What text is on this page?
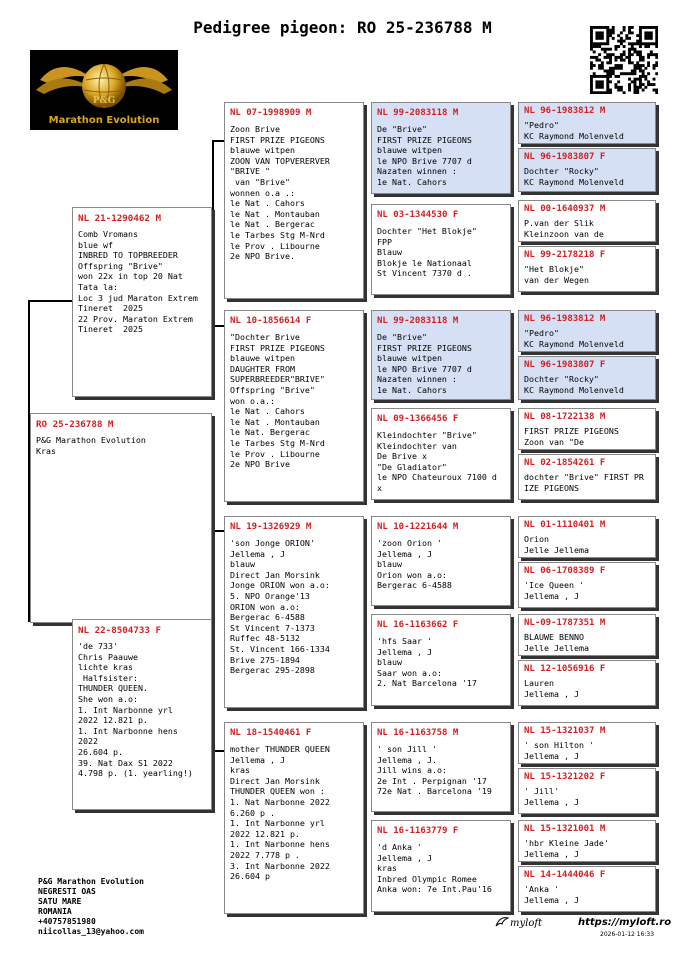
Pedigree pigeon: RO 25-236788 M
P&G
Marathon Evolution
RO 25-236788 M
P&G Marathon Evolution
Kras
NL 21-1290462 M
Comb Vromans
blue wf
INBRED TO TOPBREEDER
Offspring "Brive"
won 22x in top 20 Nat
Tata la:
Loc 3 jud Maraton Extrem
Tineret  2025
22 Prov. Maraton Extrem
Tineret  2025
NL 22-8504733 F
'de 733'
Chris Paauwe
lichte kras
Halfsister:
THUNDER QUEEN.
She won a.o:
1. Int Narbonne yrl
2022 12.821 p.
1. Int Narbonne hens
2022
26.604 p.
39. Nat Dax S1 2022
4.798 p. (1. yearling!)
NL 07-1998909 M
Zoon Brive
FIRST PRIZE PIGEONS
blauwe witpen
ZOON VAN TOPVERERVER
"BRIVE "
van "Brive"
wonnen o.a .:
le Nat . Cahors
le Nat . Montauban
le Nat . Bergerac
le Tarbes Stg M-Nrd
le Prov . Libourne
2e NPO Brive.
NL 10-1856614 F
"Dochter Brive
FIRST PRIZE PIGEONS
blauwe witpen
DAUGHTER FROM
SUPERBREEDER"BRIVE"
Offspring "Brive"
won o.a.:
le Nat . Cahors
le Nat . Montauban
le Nat. Bergerac
le Tarbes Stg M-Nrd
le Prov . Libourne
2e NPO Brive
NL 19-1326929 M
'son Jonge ORION'
Jellema , J
blauw
Direct Jan Morsink
Jonge ORION won a.o:
5. NPO Orange'13
ORION won a.o:
Bergerac 6-4588
St Vincent 7-1373
Ruffec 48-5132
St. Vincent 166-1334
Brive 275-1894
Bergerac 295-2898
NL 18-1540461 F
mother THUNDER QUEEN
Jellema , J
kras
Direct Jan Morsink
THUNDER QUEEN won :
1. Nat Narbonne 2022
6.260 p .
1. Int Narbonne yrl
2022 12.821 p.
1. Int Narbonne hens
2022 7.778 p .
3. Int Narbonne 2022
26.604 p
NL 99-2083118 M
De "Brive"
FIRST PRIZE PIGEONS
blauwe witpen
le NPO Brive 7707 d
Nazaten winnen :
1e Nat. Cahors
NL 03-1344530 F
Dochter "Het Blokje"
FPP
Blauw
Blokje le Nationaal
St Vincent 7370 d .
NL 99-2083118 M
De "Brive"
FIRST PRIZE PIGEONS
blauwe witpen
le NPO Brive 7707 d
Nazaten winnen :
1e Nat. Cahors
NL 09-1366456 F
Kleindochter "Brive"
Kleindochter van
De Brive x
"De Gladiator"
le NPO Chateuroux 7100 d
x
NL 10-1221644 M
'zoon Orion '
Jellema , J
blauw
Orion won a.o:
Bergerac 6-4588
NL 16-1163662 F
'hfs Saar '
Jellema , J
blauw
Saar won a.o:
2. Nat Barcelona '17
NL 16-1163758 M
' son Jill '
Jellema , J.
Jill wins a.o:
2e Int . Perpignan '17
72e Nat . Barcelona '19
NL 16-1163779 F
'd Anka '
Jellema , J
kras
Inbred Olympic Romee
Anka won: 7e Int.Pau'16
NL 96-1983812 M
"Pedro"
KC Raymond Molenveld
NL 96-1983807 F
Dochter "Rocky"
KC Raymond Molenveld
NL 00-1640937 M
P.van der Slik
Kleinzoon van de
NL 99-2178218 F
"Het Blokje"
van der Wegen
NL 96-1983812 M
"Pedro"
KC Raymond Molenveld
NL 96-1983807 F
Dochter "Rocky"
KC Raymond Molenveld
NL 08-1722138 M
FIRST PRIZE PIGEONS
Zoon van "De
NL 02-1854261 F
dochter "Brive" FIRST PR
IZE PIGEONS
NL 01-1110401 M
Orion
Jelle Jellema
NL 06-1708389 F
'Ice Queen '
Jellema , J
NL-09-1787351 M
BLAUWE BENNO
Jelle Jellema
NL 12-1056916 F
Lauren
Jellema , J
NL 15-1321037 M
' son Hilton '
Jellema , J
NL 15-1321202 F
' Jill'
Jellema , J
NL 15-1321001 M
'hbr Kleine Jade'
Jellema , J
NL 14-1444046 F
'Anka '
Jellema , J
P&G Marathon Evolution
NEGRESTI OAS
SATU MARE
ROMANIA
+40757851980
niicollas_13@yahoo.com
myloft	https://myloft.ro
2026-01-12 16:33
